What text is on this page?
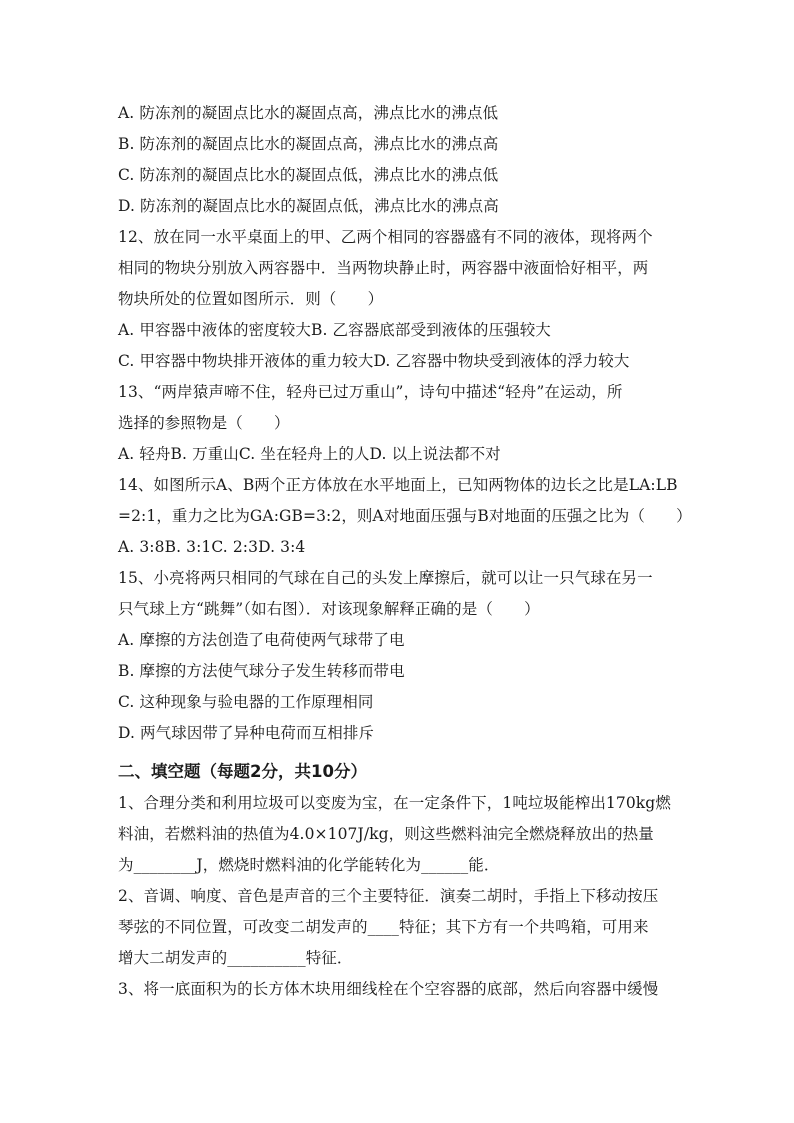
A. 防冻剂的凝固点比水的凝固点高，沸点比水的沸点低
B. 防冻剂的凝固点比水的凝固点高，沸点比水的沸点高
C. 防冻剂的凝固点比水的凝固点低，沸点比水的沸点低
D. 防冻剂的凝固点比水的凝固点低，沸点比水的沸点高
12、放在同一水平桌面上的甲、乙两个相同的容器盛有不同的液体，现将两个
相同的物块分别放入两容器中．当两物块静止时，两容器中液面恰好相平，两
物块所处的位置如图所示．则（　　）
A. 甲容器中液体的密度较大B. 乙容器底部受到液体的压强较大
C. 甲容器中物块排开液体的重力较大D. 乙容器中物块受到液体的浮力较大
13、“两岸猿声啼不住，轻舟已过万重山”，诗句中描述“轻舟”在运动，所
选择的参照物是（　　）
A. 轻舟B. 万重山C. 坐在轻舟上的人D. 以上说法都不对
14、如图所示A、B两个正方体放在水平地面上，已知两物体的边长之比是LA:LB
=2:1，重力之比为GA:GB=3:2，则A对地面压强与B对地面的压强之比为（　　）
A. 3:8B. 3:1C. 2:3D. 3:4
15、小亮将两只相同的气球在自己的头发上摩擦后，就可以让一只气球在另一
只气球上方“跳舞”（如右图）．对该现象解释正确的是（　　）
A. 摩擦的方法创造了电荷使两气球带了电
B. 摩擦的方法使气球分子发生转移而带电
C. 这种现象与验电器的工作原理相同
D. 两气球因带了异种电荷而互相排斥
二、填空题（每题2分，共10分）
1、合理分类和利用垃圾可以变废为宝，在一定条件下，1吨垃圾能榨出170kg燃
料油，若燃料油的热值为4.0×107J/kg，则这些燃料油完全燃烧释放出的热量
为________J，燃烧时燃料油的化学能转化为______能．
2、音调、响度、音色是声音的三个主要特征．演奏二胡时，手指上下移动按压
琴弦的不同位置，可改变二胡发声的____特征；其下方有一个共鸣箱，可用来
增大二胡发声的__________特征．
3、将一底面积为的长方体木块用细线栓在个空容器的底部，然后向容器中缓慢
